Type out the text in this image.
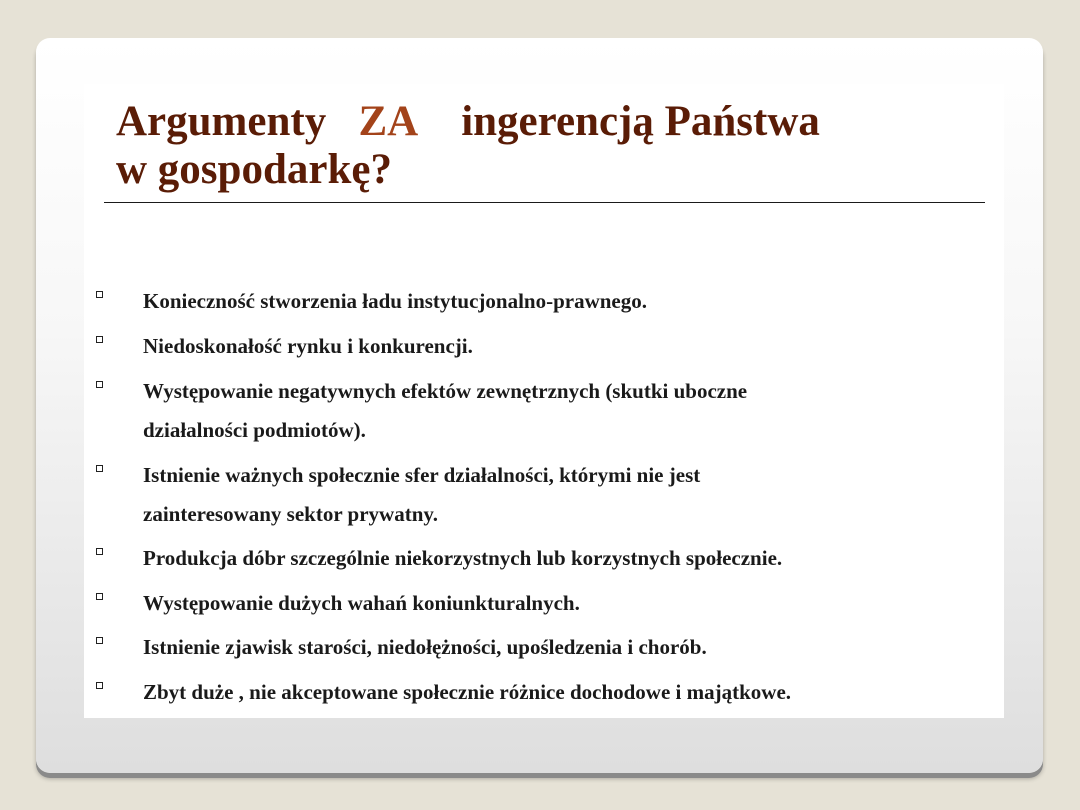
Argumenty   ZA ingerencją Państwa
w gospodarkę?
Konieczność stworzenia ładu instytucjonalno-prawnego.
Niedoskonałość rynku i konkurencji.
Występowanie negatywnych efektów zewnętrznych (skutki uboczne
działalności podmiotów).
Istnienie ważnych społecznie sfer działalności, którymi nie jest
zainteresowany sektor prywatny.
Produkcja dóbr szczególnie niekorzystnych lub korzystnych społecznie.
Występowanie dużych wahań koniunkturalnych.
Istnienie zjawisk starości, niedołężności, upośledzenia i chorób.
Zbyt duże , nie akceptowane społecznie różnice dochodowe i majątkowe.
